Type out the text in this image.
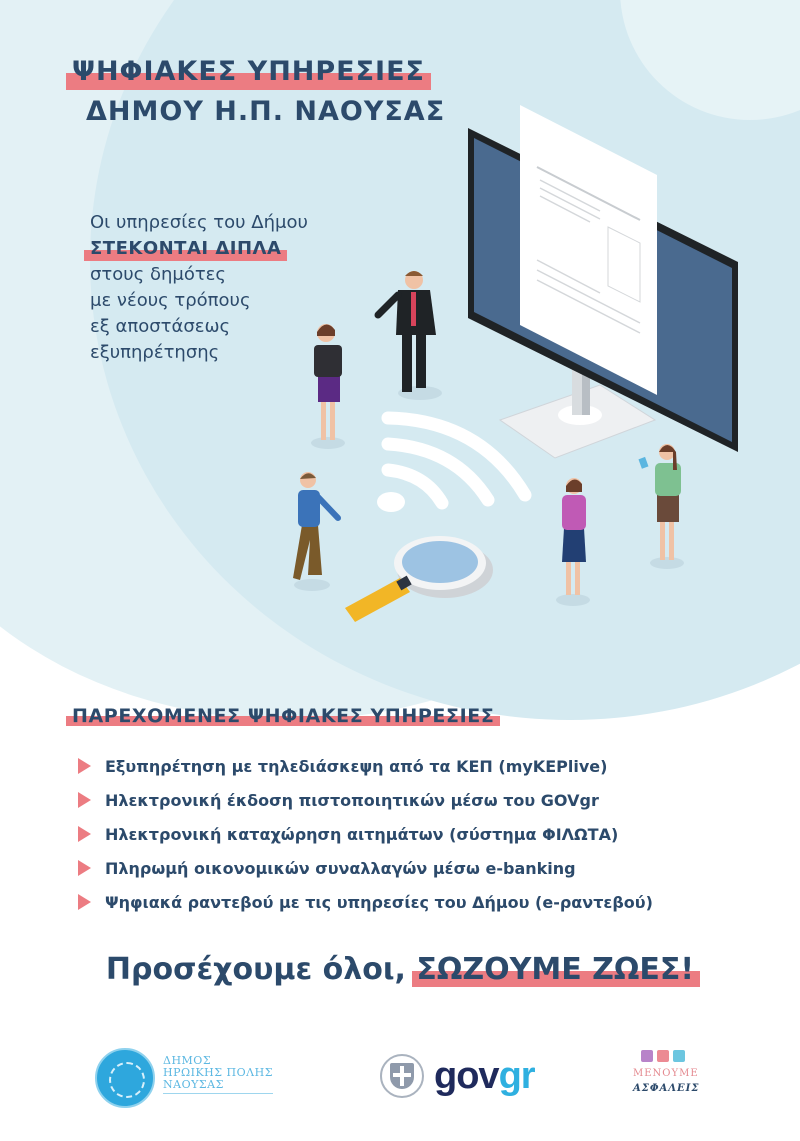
ΨΗΦΙΑΚΕΣ ΥΠΗΡΕΣΙΕΣ
ΔΗΜΟΥ Η.Π. ΝΑΟΥΣΑΣ
Οι υπηρεσίες του Δήμου
ΣΤΕΚΟΝΤΑΙ ΔΙΠΛΑ
στους δημότες
με νέους τρόπους
εξ αποστάσεως
εξυπηρέτησης
ΠΑΡΕΧΟΜΕΝΕΣ ΨΗΦΙΑΚΕΣ ΥΠΗΡΕΣΙΕΣ
Εξυπηρέτηση με τηλεδιάσκεψη από τα ΚΕΠ (myKEPlive)
Ηλεκτρονική έκδοση πιστοποιητικών μέσω του GOVgr
Ηλεκτρονική καταχώρηση αιτημάτων (σύστημα ΦΙΛΩΤΑ)
Πληρωμή οικονομικών συναλλαγών μέσω e-banking
Ψηφιακά ραντεβού με τις υπηρεσίες του Δήμου (e-ραντεβού)
Προσέχουμε όλοι, ΣΩΖΟΥΜΕ ΖΩΕΣ!
ΔΗΜΟΣ
ΗΡΩΙΚΗΣ ΠΟΛΗΣ
ΝΑΟΥΣΑΣ
	govgr	ΜΕΝΟΥΜΕ
ΑΣΦΑΛΕΙΣ
